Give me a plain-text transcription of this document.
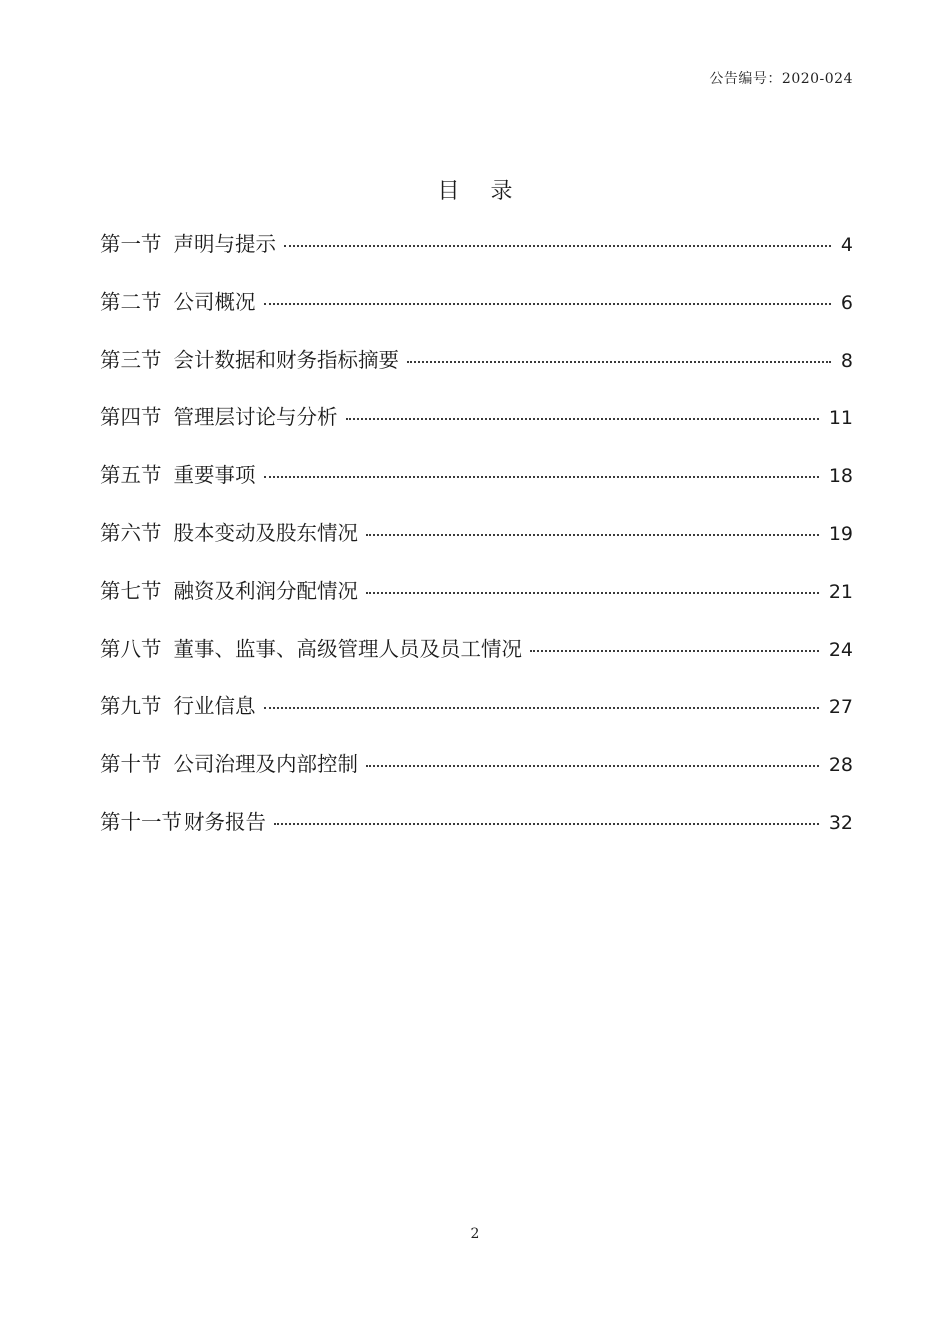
公告编号：2020-024
目 录
第一节 声明与提示	4
第二节 公司概况	6
第三节 会计数据和财务指标摘要	8
第四节 管理层讨论与分析	11
第五节 重要事项	18
第六节 股本变动及股东情况	19
第七节 融资及利润分配情况	21
第八节 董事、监事、高级管理人员及员工情况	24
第九节 行业信息	27
第十节 公司治理及内部控制	28
第十一节 财务报告	32
2
